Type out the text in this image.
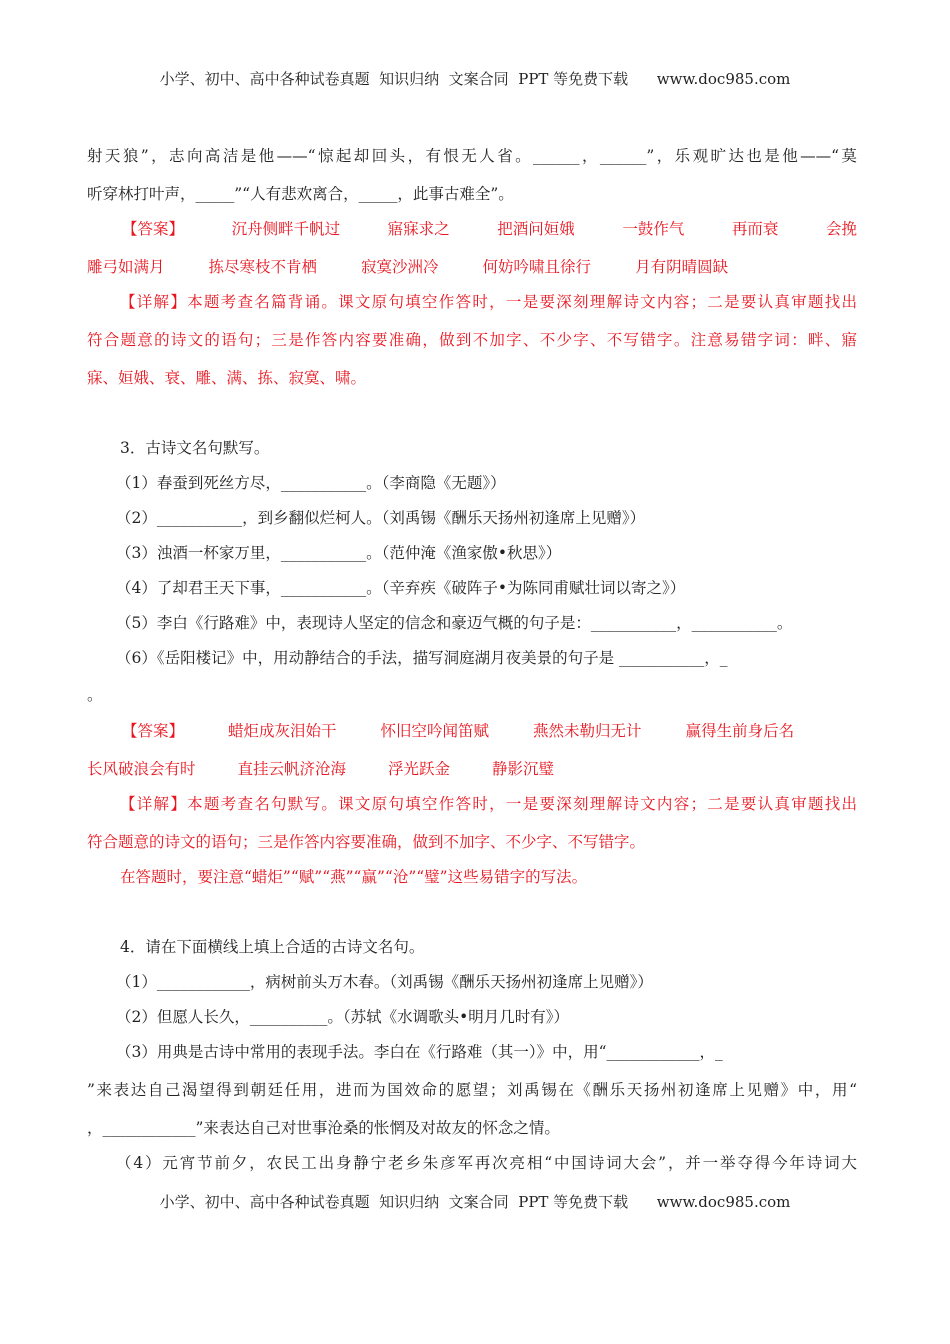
小学、初中、高中各种试卷真题  知识归纳  文案合同  PPT 等免费下载      www.doc985.com
射天狼”，志向高洁是他——“惊起却回头，有恨无人省。______，______”，乐观旷达也是他——“莫
听穿林打叶声，_____”“人有悲欢离合，_____，此事古难全”。
【答案】	沉舟侧畔千帆过	寤寐求之	把酒问姮娥	一鼓作气	再而衰	会挽
雕弓如满月	拣尽寒枝不肯栖	寂寞沙洲冷	何妨吟啸且徐行	月有阴晴圆缺
【详解】本题考查名篇背诵。课文原句填空作答时，一是要深刻理解诗文内容；二是要认真审题找出
符合题意的诗文的语句；三是作答内容要准确，做到不加字、不少字、不写错字。注意易错字词：畔、寤
寐、姮娥、衰、雕、满、拣、寂寞、啸。
3．古诗文名句默写。
（1）春蚕到死丝方尽，___________。（李商隐《无题》）
（2）___________，到乡翻似烂柯人。（刘禹锡《酬乐天扬州初逢席上见赠》）
（3）浊酒一杯家万里，___________。（范仲淹《渔家傲•秋思》）
（4）了却君王天下事，___________。（辛弃疾《破阵子•为陈同甫赋壮词以寄之》）
（5）李白《行路难》中，表现诗人坚定的信念和豪迈气概的句子是：___________，___________。
（6）《岳阳楼记》中，用动静结合的手法，描写洞庭湖月夜美景的句子是 ___________，_
。
【答案】	蜡炬成灰泪始干	怀旧空吟闻笛赋	燕然未勒归无计	赢得生前身后名
长风破浪会有时	直挂云帆济沧海	浮光跃金	静影沉璧
【详解】本题考查名句默写。课文原句填空作答时，一是要深刻理解诗文内容；二是要认真审题找出
符合题意的诗文的语句；三是作答内容要准确，做到不加字、不少字、不写错字。
在答题时，要注意“蜡炬”“赋”“燕”“赢”“沧”“璧”这些易错字的写法。
4．请在下面横线上填上合适的古诗文名句。
（1）____________，病树前头万木春。（刘禹锡《酬乐天扬州初逢席上见赠》）
（2）但愿人长久，__________。（苏轼《水调歌头•明月几时有》）
（3）用典是古诗中常用的表现手法。李白在《行路难（其一）》中，用“____________，_
”来表达自己渴望得到朝廷任用，进而为国效命的愿望；刘禹锡在《酬乐天扬州初逢席上见赠》中，用“
，____________”来表达自己对世事沧桑的怅惘及对故友的怀念之情。
（4）元宵节前夕，农民工出身静宁老乡朱彦军再次亮相“中国诗词大会”，并一举夺得今年诗词大
小学、初中、高中各种试卷真题  知识归纳  文案合同  PPT 等免费下载      www.doc985.com
